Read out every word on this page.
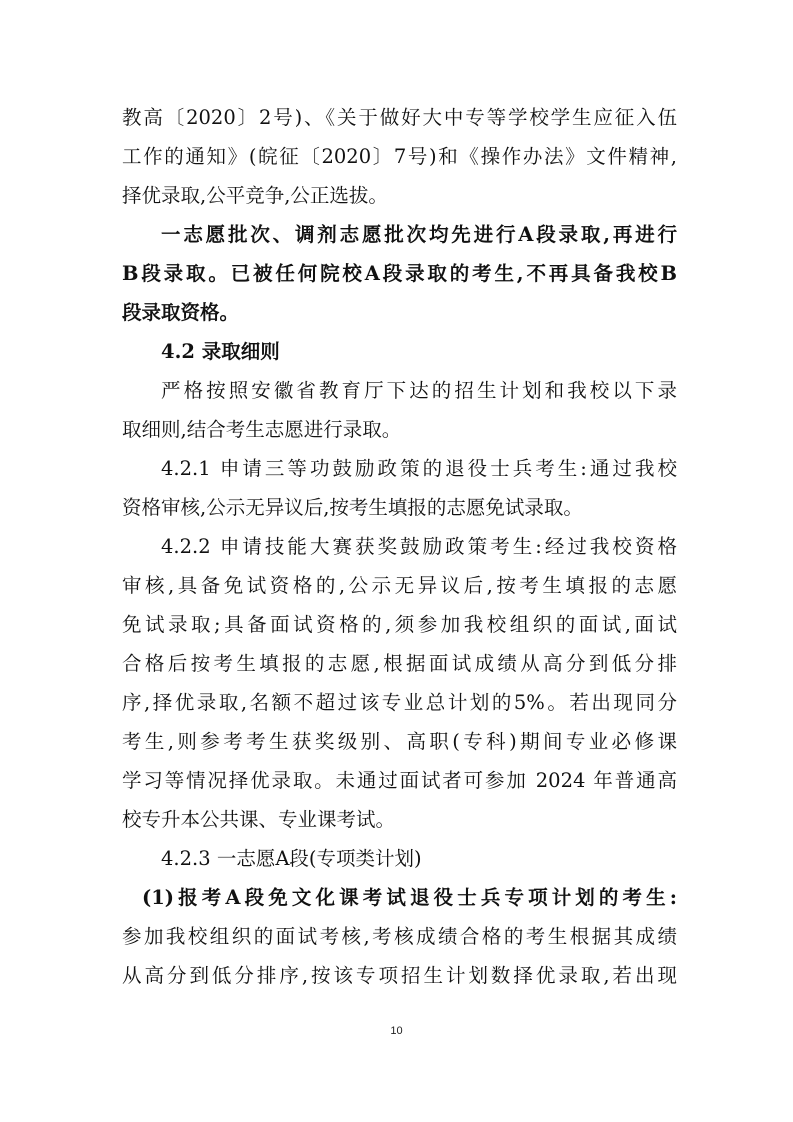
教高〔2020〕2号)、《关于做好大中专等学校学生应征入伍
工作的通知》(皖征〔2020〕7号)和《操作办法》文件精神,
择优录取,公平竞争,公正选拔。
一志愿批次、调剂志愿批次均先进行A段录取,再进行
B段录取。已被任何院校A段录取的考生,不再具备我校B
段录取资格。
4.2 录取细则
严格按照安徽省教育厅下达的招生计划和我校以下录
取细则,结合考生志愿进行录取。
4.2.1 申请三等功鼓励政策的退役士兵考生:通过我校
资格审核,公示无异议后,按考生填报的志愿免试录取。
4.2.2 申请技能大赛获奖鼓励政策考生:经过我校资格
审核,具备免试资格的,公示无异议后,按考生填报的志愿
免试录取;具备面试资格的,须参加我校组织的面试,面试
合格后按考生填报的志愿,根据面试成绩从高分到低分排
序,择优录取,名额不超过该专业总计划的5%。若出现同分
考生,则参考考生获奖级别、高职(专科)期间专业必修课
学习等情况择优录取。未通过面试者可参加 2024 年普通高
校专升本公共课、专业课考试。
4.2.3 一志愿A段(专项类计划)
(1)报考A段免文化课考试退役士兵专项计划的考生:
参加我校组织的面试考核,考核成绩合格的考生根据其成绩
从高分到低分排序,按该专项招生计划数择优录取,若出现
10
